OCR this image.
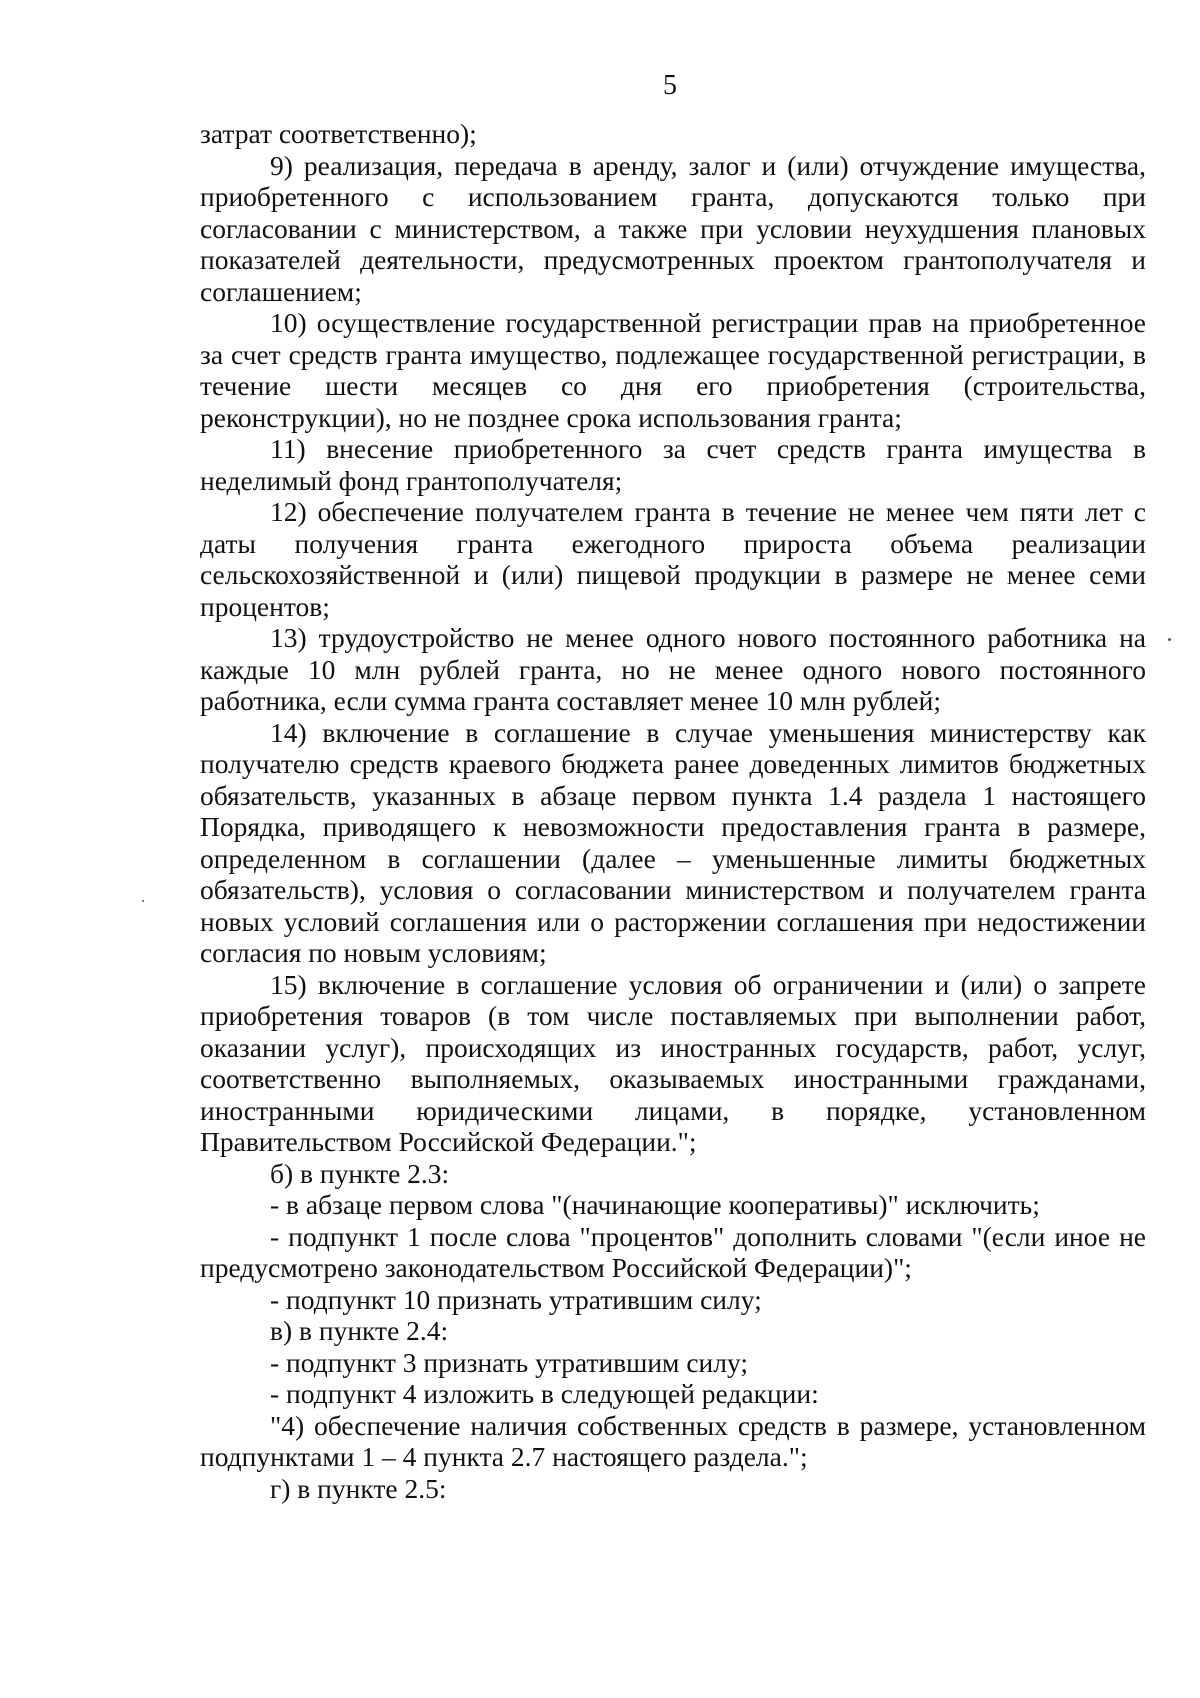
5

затрат соответственно);

9) реализация, передача в аренду, залог и (или) отчуждение имущества, приобретенного с использованием гранта, допускаются только при согласовании с министерством, а также при условии неухудшения плановых показателей деятельности, предусмотренных проектом грантополучателя и соглашением;

10) осуществление государственной регистрации прав на приобретенное за счет средств гранта имущество, подлежащее государственной регистрации, в течение шести месяцев со дня его приобретения (строительства, реконструкции), но не позднее срока использования гранта;

11) внесение приобретенного за счет средств гранта имущества в неделимый фонд грантополучателя;

12) обеспечение получателем гранта в течение не менее чем пяти лет с даты получения гранта ежегодного прироста объема реализации сельскохозяйственной и (или) пищевой продукции в размере не менее семи процентов;

13) трудоустройство не менее одного нового постоянного работника на каждые 10 млн рублей гранта, но не менее одного нового постоянного работника, если сумма гранта составляет менее 10 млн рублей;

14) включение в соглашение в случае уменьшения министерству как получателю средств краевого бюджета ранее доведенных лимитов бюджетных обязательств, указанных в абзаце первом пункта 1.4 раздела 1 настоящего Порядка, приводящего к невозможности предоставления гранта в размере, определенном в соглашении (далее – уменьшенные лимиты бюджетных обязательств), условия о согласовании министерством и получателем гранта новых условий соглашения или о расторжении соглашения при недостижении согласия по новым условиям;

15) включение в соглашение условия об ограничении и (или) о запрете приобретения товаров (в том числе поставляемых при выполнении работ, оказании услуг), происходящих из иностранных государств, работ, услуг, соответственно выполняемых, оказываемых иностранными гражданами, иностранными юридическими лицами, в порядке, установленном Правительством Российской Федерации.";

б) в пункте 2.3:

- в абзаце первом слова "(начинающие кооперативы)" исключить;

- подпункт 1 после слова "процентов" дополнить словами "(если иное не предусмотрено законодательством Российской Федерации)";

- подпункт 10 признать утратившим силу;

в) в пункте 2.4:

- подпункт 3 признать утратившим силу;

- подпункт 4 изложить в следующей редакции:

"4) обеспечение наличия собственных средств в размере, установленном подпунктами 1 – 4 пункта 2.7 настоящего раздела.";

г) в пункте 2.5:
